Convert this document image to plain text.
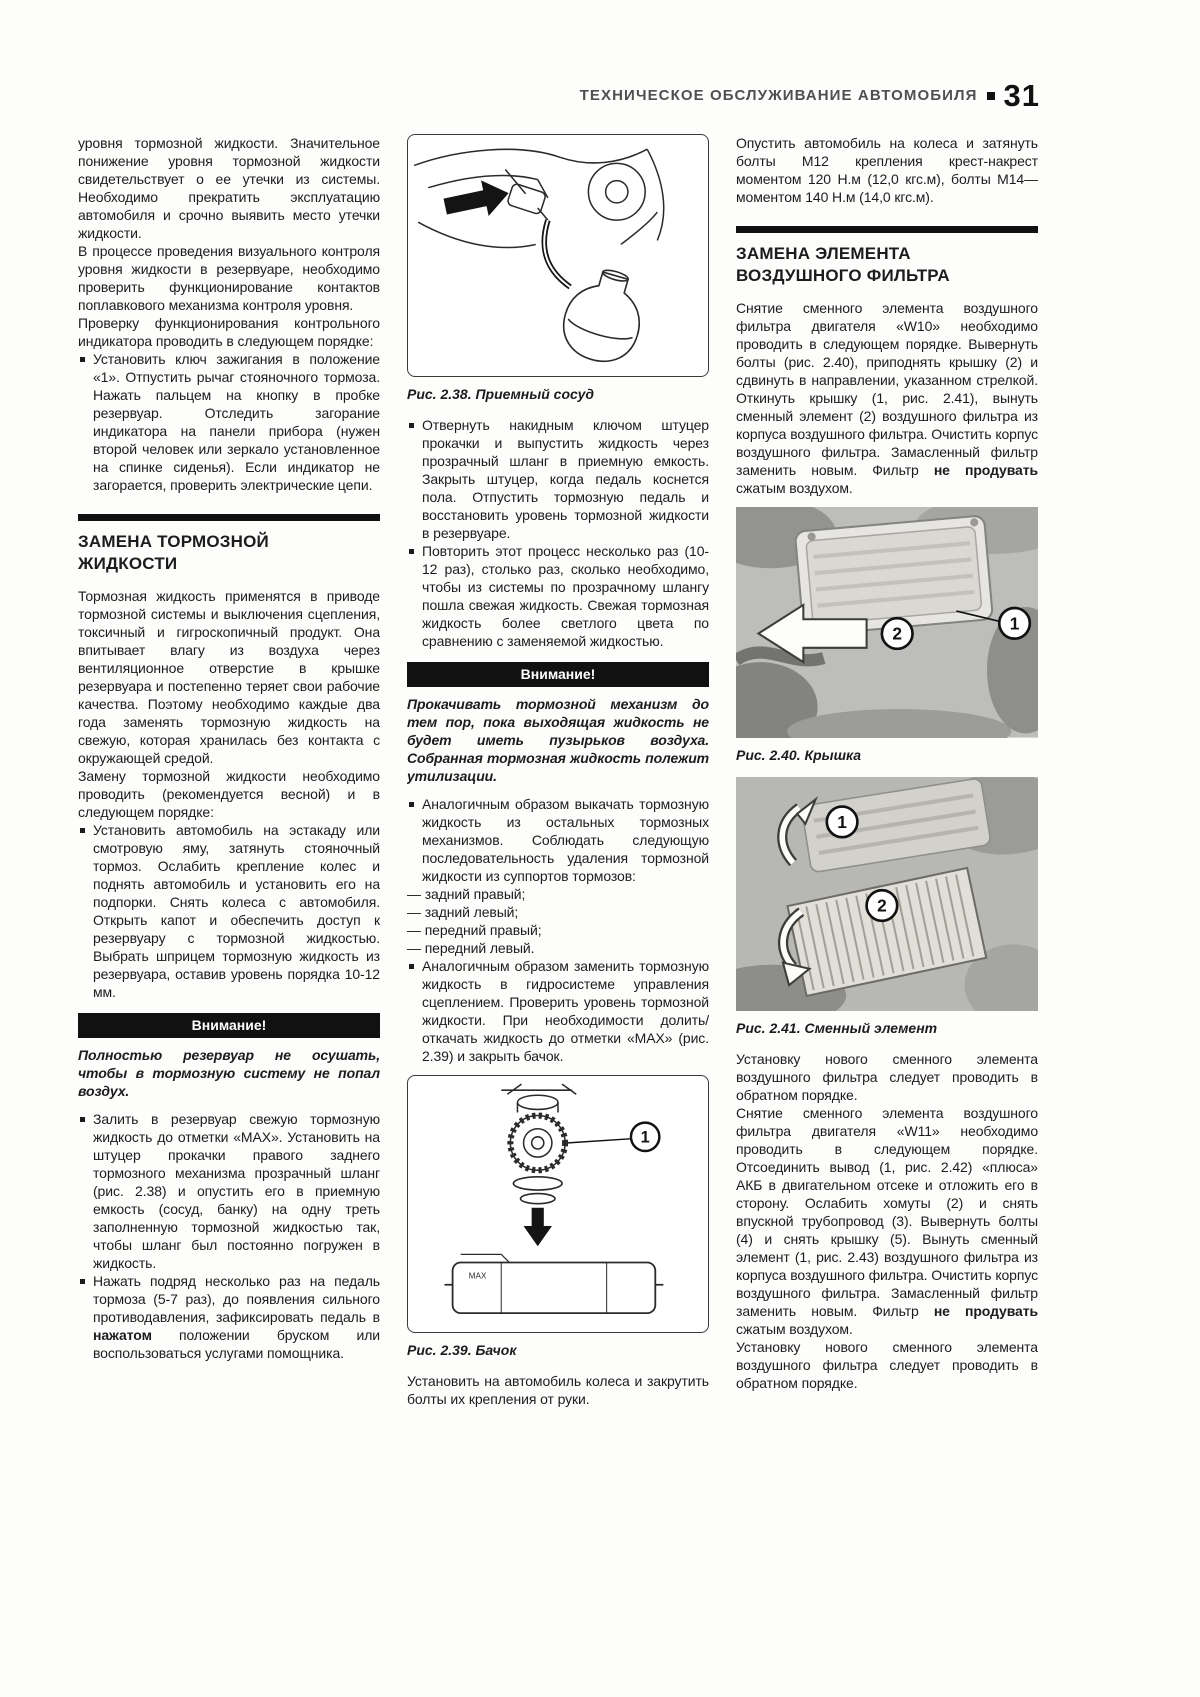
ТЕХНИЧЕСКОЕ ОБСЛУЖИВАНИЕ АВТОМОБИЛЯ 31

уровня тормозной жидкости. Значительное понижение уровня тормозной жидкости свидетельствует о ее утечки из системы. Необходимо прекратить эксплуатацию автомобиля и срочно выявить место утечки жидкости.

В процессе проведения визуального контроля уровня жидкости в резервуаре, необходимо проверить функционирование контактов поплавкового механизма контроля уровня.

Проверку функционирования контрольного индикатора проводить в следующем порядке:

Установить ключ зажигания в положение «1». Отпустить рычаг стояночного тормоза. Нажать пальцем на кнопку в пробке резервуар. Отследить загорание индикатора на панели прибора (нужен второй человек или зеркало установленное на спинке сиденья). Если индикатор не загорается, проверить электрические цепи.
ЗАМЕНА ТОРМОЗНОЙ
ЖИДКОСТИ

Тормозная жидкость применятся в приводе тормозной системы и выключения сцепления, токсичный и гигроскопичный продукт. Она впитывает влагу из воздуха через вентиляционное отверстие в крышке резервуара и постепенно теряет свои рабочие качества. Поэтому необходимо каждые два года заменять тормозную жидкость на свежую, которая хранилась без контакта с окружающей средой.

Замену тормозной жидкости необходимо проводить (рекомендуется весной) и в следующем порядке:

Установить автомобиль на эстакаду или смотровую яму, затянуть стояночный тормоз. Ослабить крепление колес и поднять автомобиль и установить его на подпорки. Снять колеса с автомобиля. Открыть капот и обеспечить доступ к резервуару с тормозной жидкостью. Выбрать шприцем тормозную жидкость из резервуара, оставив уровень порядка 10-12 мм.
Внимание!

Полностью резервуар не осушать, чтобы в тормозную систему не попал воздух.

Залить в резервуар свежую тормозную жидкость до отметки «MAX». Установить на штуцер прокачки правого заднего тормозного механизма прозрачный шланг (рис. 2.38) и опустить его в приемную емкость (сосуд, банку) на одну треть заполненную тормозной жидкостью так, чтобы шланг был постоянно погружен в жидкость.
Нажать подряд несколько раз на педаль тормоза (5-7 раз), до появления сильного противодавления, зафиксировать педаль в нажатом положении бруском или воспользоваться услугами помощника.

Рис. 2.38. Приемный сосуд

Отвернуть накидным ключом штуцер прокачки и выпустить жидкость через прозрачный шланг в приемную емкость. Закрыть штуцер, когда педаль коснется пола. Отпустить тормозную педаль и восстановить уровень тормозной жидкости в резервуаре.
Повторить этот процесс несколько раз (10-12 раз), столько раз, сколько необходимо, чтобы из системы по прозрачному шлангу пошла свежая жидкость. Свежая тормозная жидкость более светлого цвета по сравнению с заменяемой жидкостью.
Внимание!

Прокачивать тормозной механизм до тем пор, пока выходящая жидкость не будет иметь пузырьков воздуха. Собранная тормозная жидкость полежит утилизации.

Аналогичным образом выкачать тормозную жидкость из остальных тормозных механизмов. Соблюдать следующую последовательность удаления тормозной жидкости из суппортов тормозов:

— задний правый;

— задний левый;

— передний правый;

— передний левый.

Аналогичным образом заменить тормозную жидкость в гидросистеме управления сцеплением. Проверить уровень тормозной жидкости. При необходимости долить/откачать жидкость до отметки «MAX» (рис. 2.39) и закрыть бачок.
MAX
1

Рис. 2.39. Бачок

Установить на автомобиль колеса и закрутить болты их крепления от руки.

Опустить автомобиль на колеса и затянуть болты М12 крепления крест-накрест моментом 120 Н.м (12,0 кгс.м), болты М14—моментом 140 Н.м (14,0 кгс.м).

ЗАМЕНА ЭЛЕМЕНТА
ВОЗДУШНОГО ФИЛЬТРА

Снятие сменного элемента воздушного фильтра двигателя «W10» необходимо проводить в следующем порядке. Вывернуть болты (рис. 2.40), приподнять крышку (2) и сдвинуть в направлении, указанном стрелкой. Откинуть крышку (1, рис. 2.41), вынуть сменный элемент (2) воздушного фильтра из корпуса воздушного фильтра. Очистить корпус воздушного фильтра. Замасленный фильтр заменить новым. Фильтр не продувать сжатым воздухом.

2
1

Рис. 2.40. Крышка

1
2

Рис. 2.41. Сменный элемент

Установку нового сменного элемента воздушного фильтра следует проводить в обратном порядке.

Снятие сменного элемента воздушного фильтра двигателя «W11» необходимо проводить в следующем порядке. Отсоединить вывод (1, рис. 2.42) «плюса» АКБ в двигательном отсеке и отложить его в сторону. Ослабить хомуты (2) и снять впускной трубопровод (3). Вывернуть болты (4) и снять крышку (5). Вынуть сменный элемент (1, рис. 2.43) воздушного фильтра из корпуса воздушного фильтра. Очистить корпус воздушного фильтра. Замасленный фильтр заменить новым. Фильтр не продувать сжатым воздухом.

Установку нового сменного элемента воздушного фильтра следует проводить в обратном порядке.
